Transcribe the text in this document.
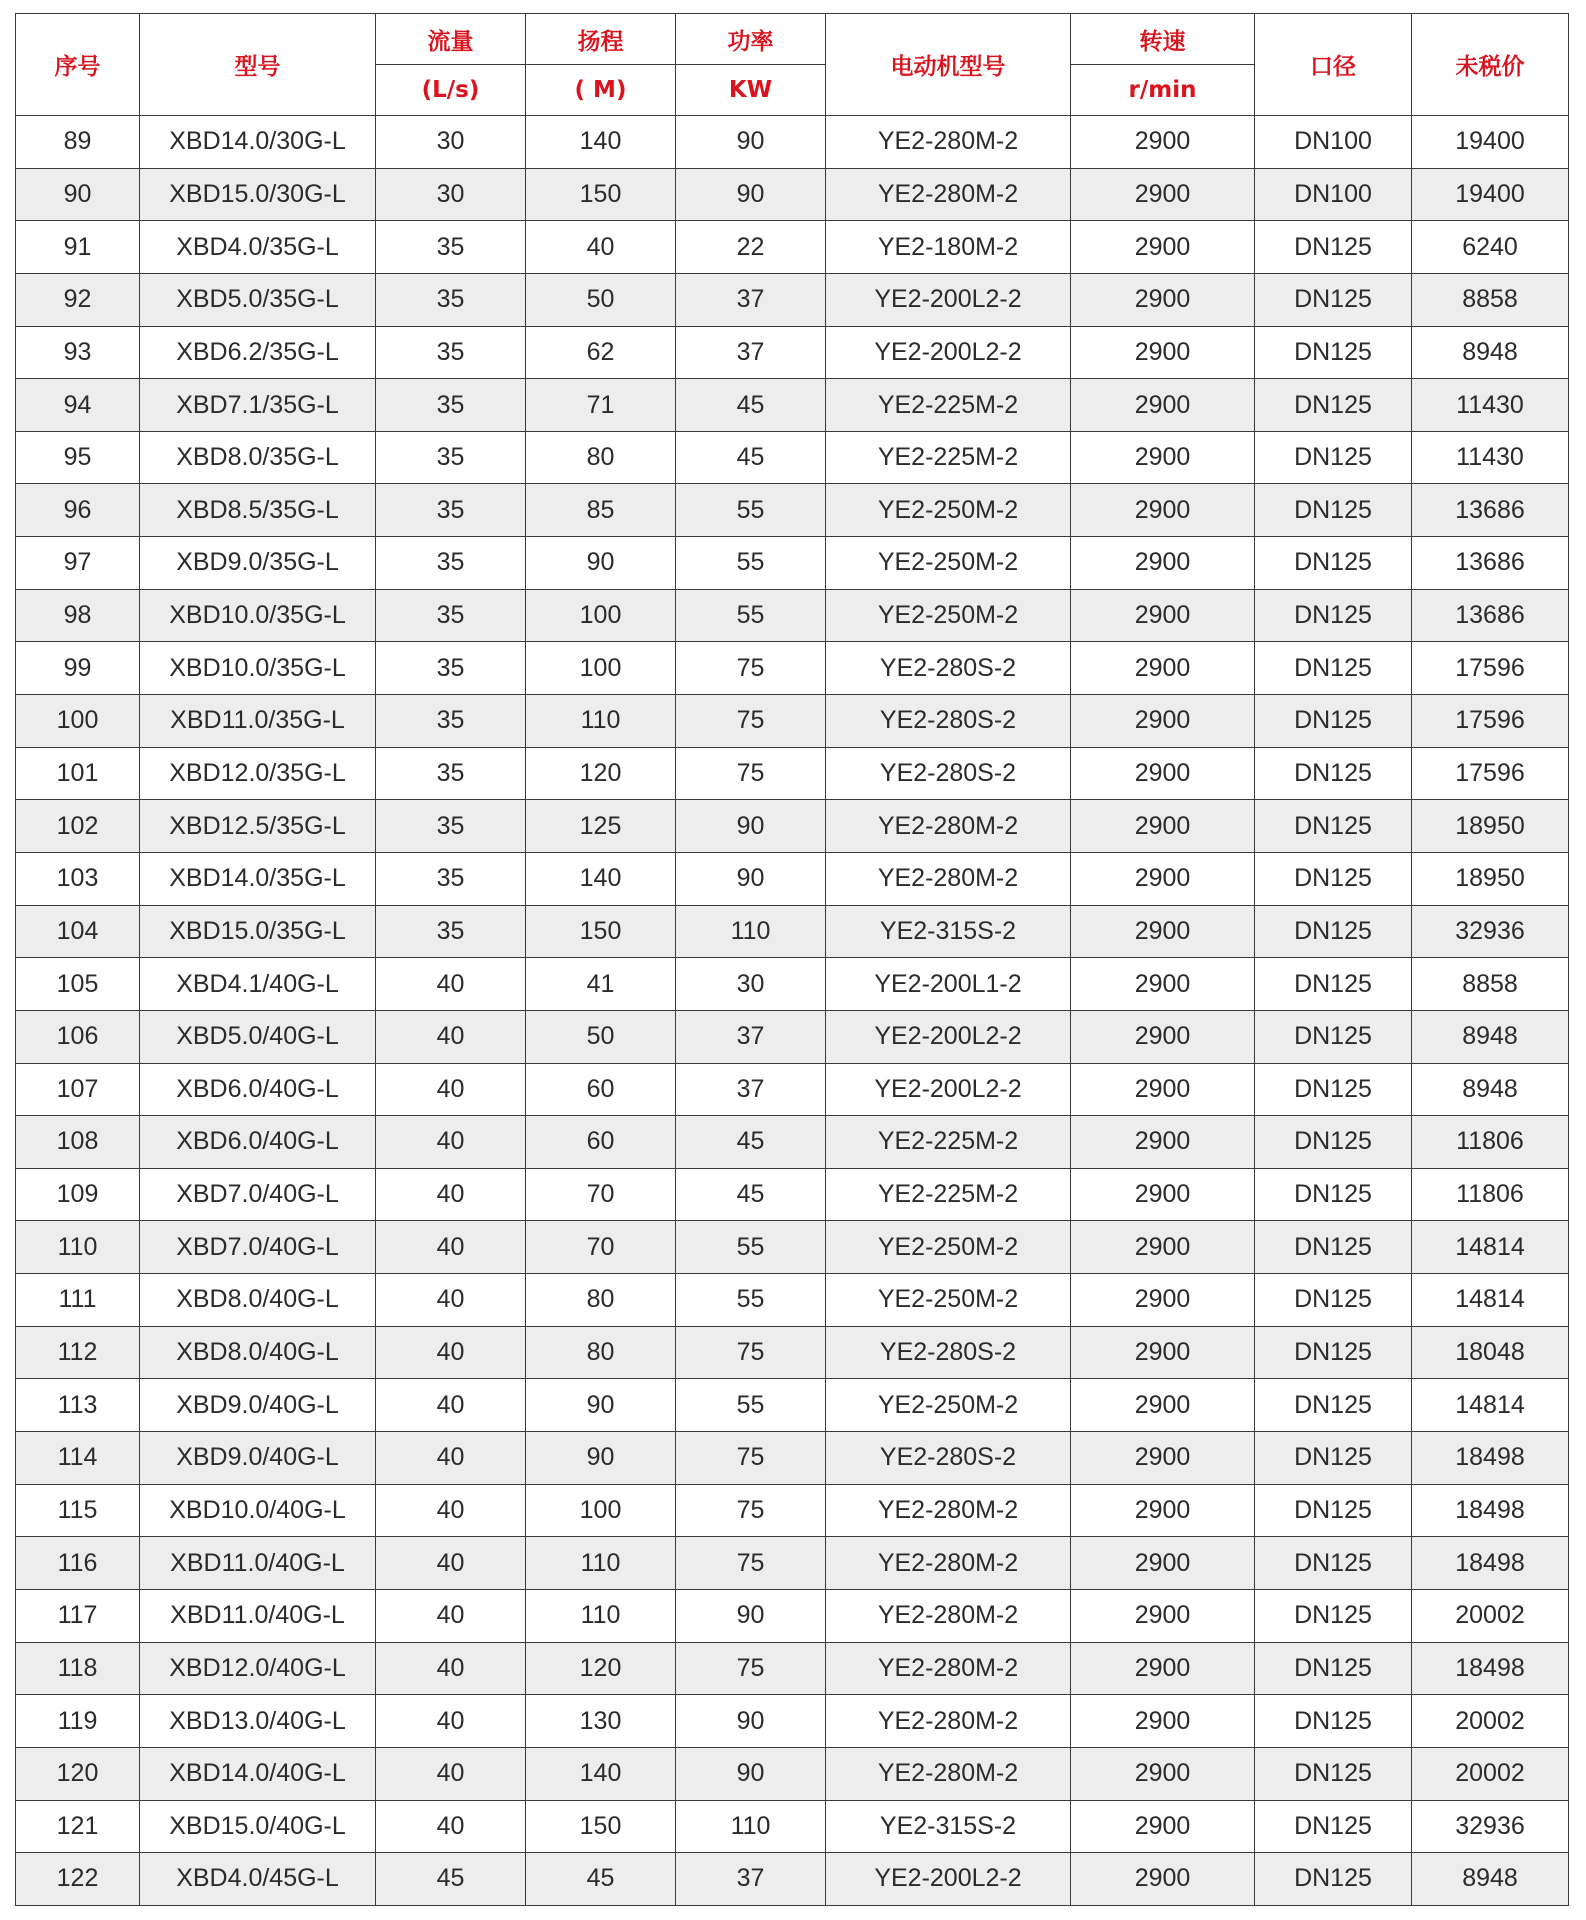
序号	型号	流量	扬程	功率	电动机型号	转速	口径	未税价
		(L/s)	( M)	KW		r/min		
89	XBD14.0/30G-L	30	140	90	YE2-280M-2	2900	DN100	19400
90	XBD15.0/30G-L	30	150	90	YE2-280M-2	2900	DN100	19400
91	XBD4.0/35G-L	35	40	22	YE2-180M-2	2900	DN125	6240
92	XBD5.0/35G-L	35	50	37	YE2-200L2-2	2900	DN125	8858
93	XBD6.2/35G-L	35	62	37	YE2-200L2-2	2900	DN125	8948
94	XBD7.1/35G-L	35	71	45	YE2-225M-2	2900	DN125	11430
95	XBD8.0/35G-L	35	80	45	YE2-225M-2	2900	DN125	11430
96	XBD8.5/35G-L	35	85	55	YE2-250M-2	2900	DN125	13686
97	XBD9.0/35G-L	35	90	55	YE2-250M-2	2900	DN125	13686
98	XBD10.0/35G-L	35	100	55	YE2-250M-2	2900	DN125	13686
99	XBD10.0/35G-L	35	100	75	YE2-280S-2	2900	DN125	17596
100	XBD11.0/35G-L	35	110	75	YE2-280S-2	2900	DN125	17596
101	XBD12.0/35G-L	35	120	75	YE2-280S-2	2900	DN125	17596
102	XBD12.5/35G-L	35	125	90	YE2-280M-2	2900	DN125	18950
103	XBD14.0/35G-L	35	140	90	YE2-280M-2	2900	DN125	18950
104	XBD15.0/35G-L	35	150	110	YE2-315S-2	2900	DN125	32936
105	XBD4.1/40G-L	40	41	30	YE2-200L1-2	2900	DN125	8858
106	XBD5.0/40G-L	40	50	37	YE2-200L2-2	2900	DN125	8948
107	XBD6.0/40G-L	40	60	37	YE2-200L2-2	2900	DN125	8948
108	XBD6.0/40G-L	40	60	45	YE2-225M-2	2900	DN125	11806
109	XBD7.0/40G-L	40	70	45	YE2-225M-2	2900	DN125	11806
110	XBD7.0/40G-L	40	70	55	YE2-250M-2	2900	DN125	14814
111	XBD8.0/40G-L	40	80	55	YE2-250M-2	2900	DN125	14814
112	XBD8.0/40G-L	40	80	75	YE2-280S-2	2900	DN125	18048
113	XBD9.0/40G-L	40	90	55	YE2-250M-2	2900	DN125	14814
114	XBD9.0/40G-L	40	90	75	YE2-280S-2	2900	DN125	18498
115	XBD10.0/40G-L	40	100	75	YE2-280M-2	2900	DN125	18498
116	XBD11.0/40G-L	40	110	75	YE2-280M-2	2900	DN125	18498
117	XBD11.0/40G-L	40	110	90	YE2-280M-2	2900	DN125	20002
118	XBD12.0/40G-L	40	120	75	YE2-280M-2	2900	DN125	18498
119	XBD13.0/40G-L	40	130	90	YE2-280M-2	2900	DN125	20002
120	XBD14.0/40G-L	40	140	90	YE2-280M-2	2900	DN125	20002
121	XBD15.0/40G-L	40	150	110	YE2-315S-2	2900	DN125	32936
122	XBD4.0/45G-L	45	45	37	YE2-200L2-2	2900	DN125	8948
